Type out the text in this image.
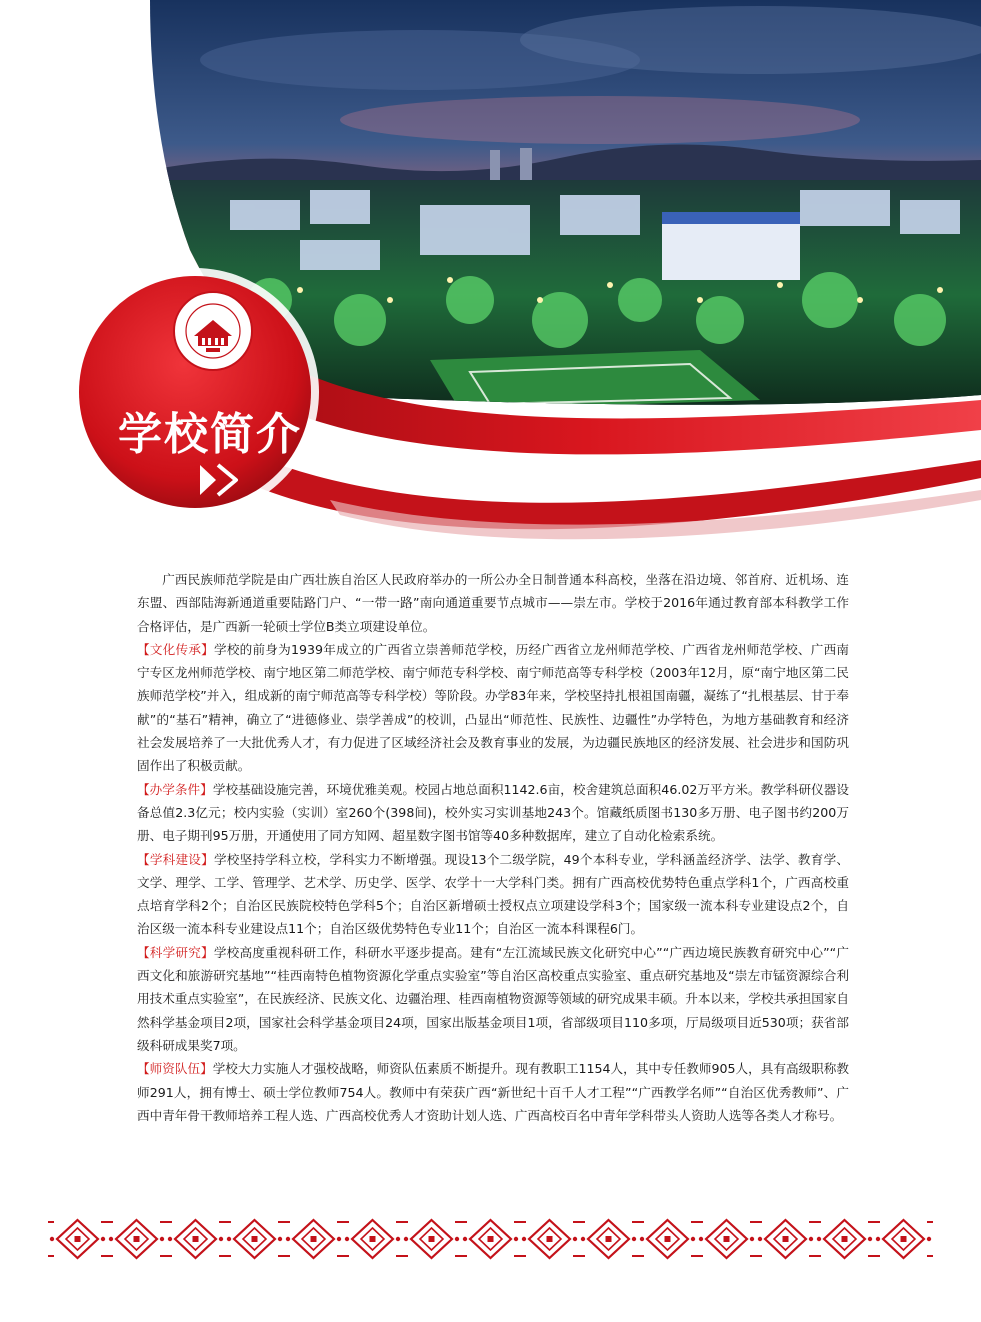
学校简介

广西民族师范学院是由广西壮族自治区人民政府举办的一所公办全日制普通本科高校，坐落在沿边境、邻首府、近机场、连东盟、西部陆海新通道重要陆路门户、“一带一路”南向通道重要节点城市——崇左市。学校于2016年通过教育部本科教学工作合格评估，是广西新一轮硕士学位B类立项建设单位。

【文化传承】学校的前身为1939年成立的广西省立崇善师范学校，历经广西省立龙州师范学校、广西省龙州师范学校、广西南宁专区龙州师范学校、南宁地区第二师范学校、南宁师范专科学校、南宁师范高等专科学校（2003年12月，原“南宁地区第二民族师范学校”并入，组成新的南宁师范高等专科学校）等阶段。办学83年来，学校坚持扎根祖国南疆，凝练了“扎根基层、甘于奉献”的“基石”精神，确立了“进德修业、崇学善成”的校训，凸显出“师范性、民族性、边疆性”办学特色，为地方基础教育和经济社会发展培养了一大批优秀人才，有力促进了区域经济社会及教育事业的发展，为边疆民族地区的经济发展、社会进步和国防巩固作出了积极贡献。

【办学条件】学校基础设施完善，环境优雅美观。校园占地总面积1142.6亩，校舍建筑总面积46.02万平方米。教学科研仪器设备总值2.3亿元；校内实验（实训）室260个(398间)，校外实习实训基地243个。馆藏纸质图书130多万册、电子图书约200万册、电子期刊95万册，开通使用了同方知网、超星数字图书馆等40多种数据库，建立了自动化检索系统。

【学科建设】学校坚持学科立校，学科实力不断增强。现设13个二级学院，49个本科专业，学科涵盖经济学、法学、教育学、文学、理学、工学、管理学、艺术学、历史学、医学、农学十一大学科门类。拥有广西高校优势特色重点学科1个，广西高校重点培育学科2个；自治区民族院校特色学科5个；自治区新增硕士授权点立项建设学科3个；国家级一流本科专业建设点2个，自治区级一流本科专业建设点11个；自治区级优势特色专业11个；自治区一流本科课程6门。

【科学研究】学校高度重视科研工作，科研水平逐步提高。建有“左江流域民族文化研究中心”“广西边境民族教育研究中心”“广西文化和旅游研究基地”“桂西南特色植物资源化学重点实验室”等自治区高校重点实验室、重点研究基地及“崇左市锰资源综合利用技术重点实验室”，在民族经济、民族文化、边疆治理、桂西南植物资源等领域的研究成果丰硕。升本以来，学校共承担国家自然科学基金项目2项，国家社会科学基金项目24项，国家出版基金项目1项，省部级项目110多项，厅局级项目近530项；获省部级科研成果奖7项。

【师资队伍】学校大力实施人才强校战略，师资队伍素质不断提升。现有教职工1154人，其中专任教师905人，具有高级职称教师291人，拥有博士、硕士学位教师754人。教师中有荣获广西“新世纪十百千人才工程”“广西教学名师”“自治区优秀教师”、广西中青年骨干教师培养工程人选、广西高校优秀人才资助计划人选、广西高校百名中青年学科带头人资助人选等各类人才称号。
